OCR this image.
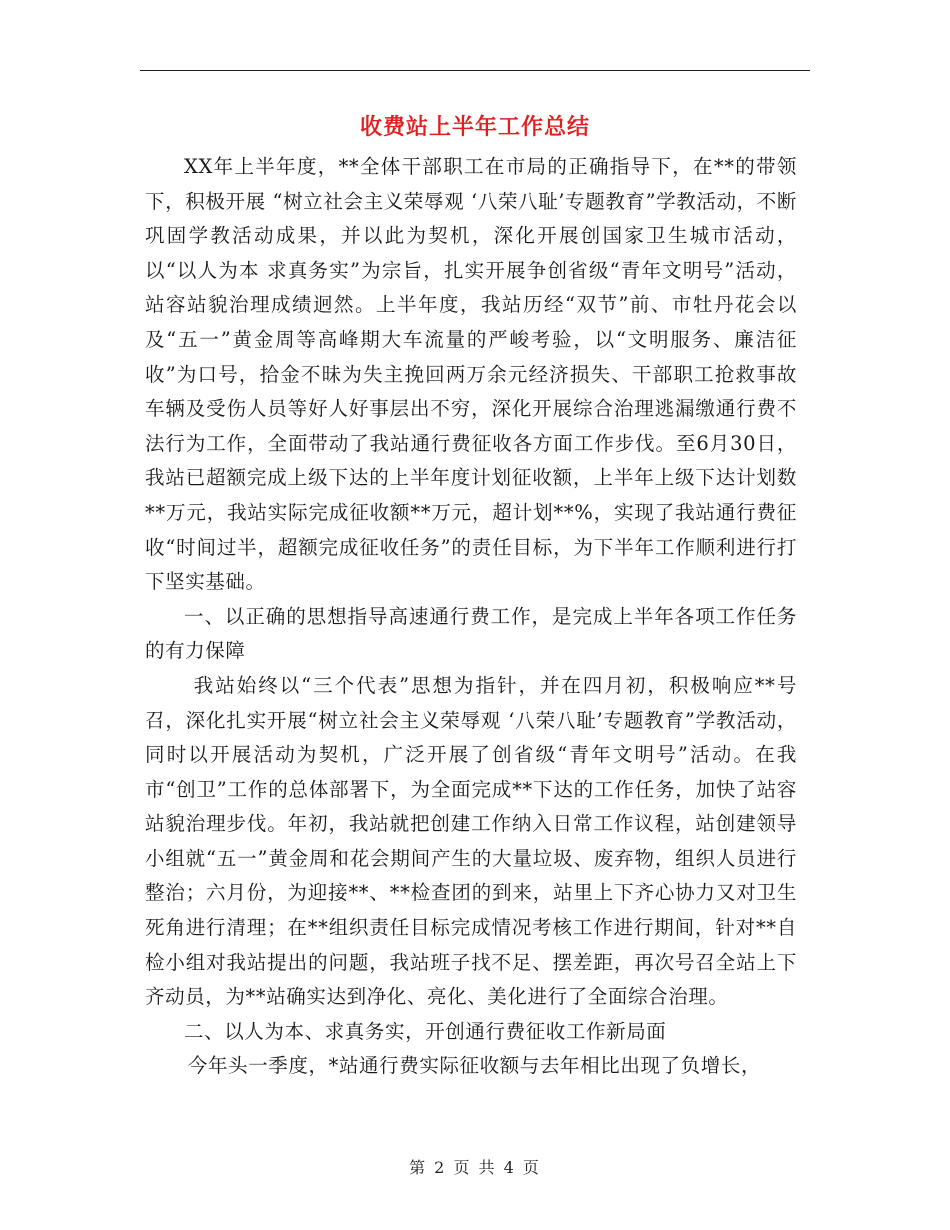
收费站上半年工作总结

XX年上半年度，**全体干部职工在市局的正确指导下，在**的带领下，积极开展 “树立社会主义荣辱观 ‘八荣八耻’专题教育”学教活动，不断巩固学教活动成果，并以此为契机，深化开展创国家卫生城市活动，以“以人为本 求真务实”为宗旨，扎实开展争创省级“青年文明号”活动，站容站貌治理成绩迥然。上半年度，我站历经“双节”前、市牡丹花会以及“五一”黄金周等高峰期大车流量的严峻考验，以“文明服务、廉洁征收”为口号，拾金不昧为失主挽回两万余元经济损失、干部职工抢救事故车辆及受伤人员等好人好事层出不穷，深化开展综合治理逃漏缴通行费不法行为工作，全面带动了我站通行费征收各方面工作步伐。至6月30日，我站已超额完成上级下达的上半年度计划征收额，上半年上级下达计划数**万元，我站实际完成征收额**万元，超计划**%，实现了我站通行费征收“时间过半，超额完成征收任务”的责任目标，为下半年工作顺利进行打下坚实基础。

一、以正确的思想指导高速通行费工作，是完成上半年各项工作任务的有力保障

我站始终以“三个代表”思想为指针，并在四月初，积极响应**号召，深化扎实开展“树立社会主义荣辱观 ‘八荣八耻’专题教育”学教活动，同时以开展活动为契机，广泛开展了创省级“青年文明号”活动。在我市“创卫”工作的总体部署下，为全面完成**下达的工作任务，加快了站容站貌治理步伐。年初，我站就把创建工作纳入日常工作议程，站创建领导小组就“五一”黄金周和花会期间产生的大量垃圾、废弃物，组织人员进行整治；六月份，为迎接**、**检查团的到来，站里上下齐心协力又对卫生死角进行清理；在**组织责任目标完成情况考核工作进行期间，针对**自检小组对我站提出的问题，我站班子找不足、摆差距，再次号召全站上下齐动员，为**站确实达到净化、亮化、美化进行了全面综合治理。

二、以人为本、求真务实，开创通行费征收工作新局面

今年头一季度，*站通行费实际征收额与去年相比出现了负增长，

第 2 页 共 4 页
